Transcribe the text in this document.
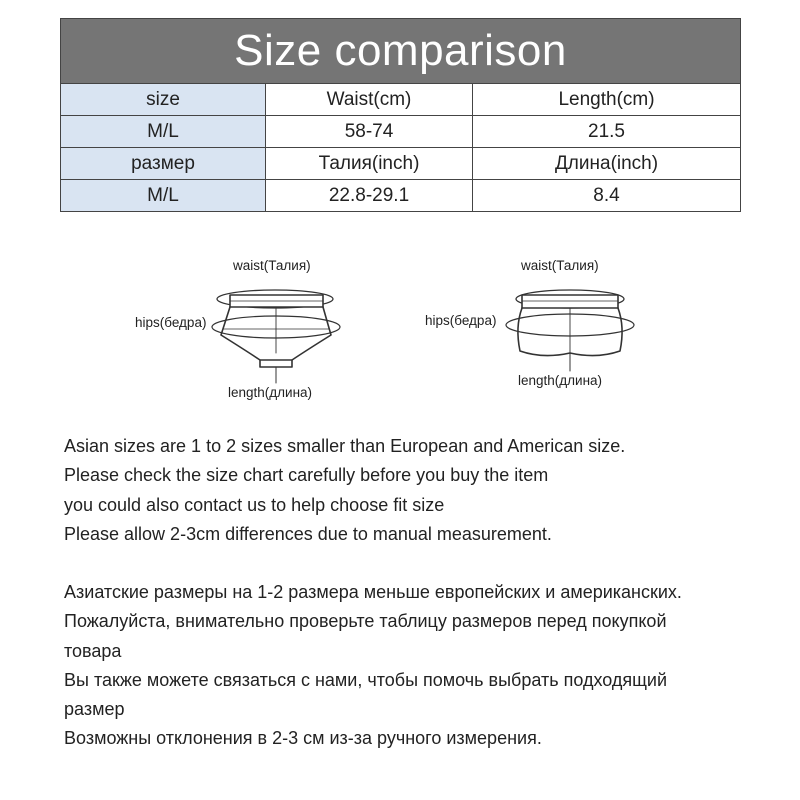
Size comparison		
size	Waist(cm)	Length(cm)
M/L	58-74	21.5
размер	Талия(inch)	Длина(inch)
M/L	22.8-29.1	8.4
waist(Талия)
hips(бедра)
length(длина)
waist(Талия)
hips(бедра)
length(длина)

Asian sizes are 1 to 2 sizes smaller than European and American size.

Please check the size chart carefully before you buy the item

you could also contact us to help choose fit size

Please allow 2-3cm differences due to manual measurement.

Азиатские размеры на 1-2 размера меньше европейских и американских.

Пожалуйста, внимательно проверьте таблицу размеров перед покупкой

товара

Вы также можете связаться с нами, чтобы помочь выбрать подходящий

размер

Возможны отклонения в 2-3 см из-за ручного измерения.
